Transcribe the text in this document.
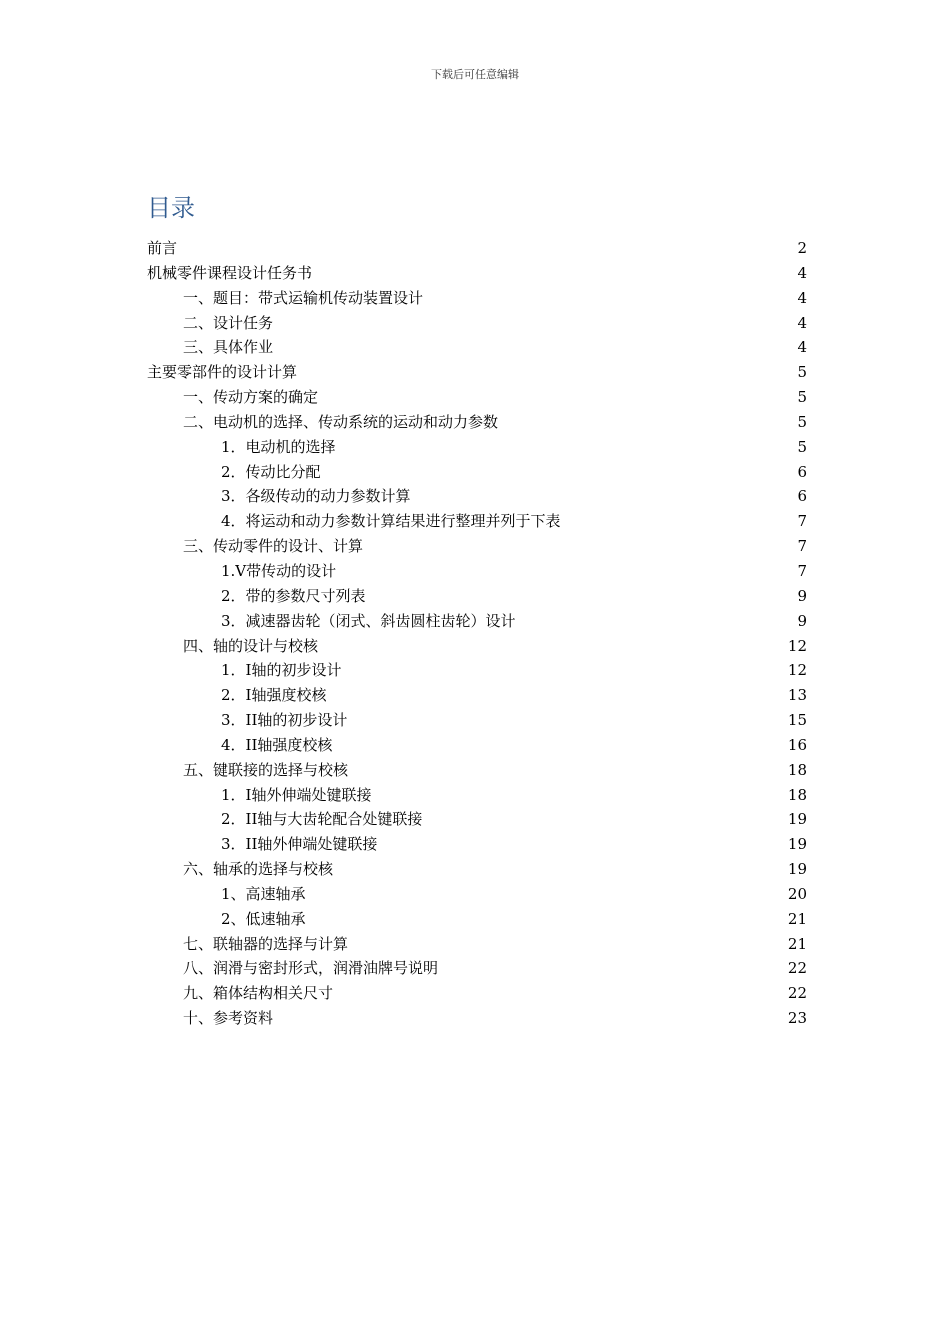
下载后可任意编辑
目录
前言 .....	2
机械零件课程设计任务书 .....	4
一、题目：带式运输机传动装置设计 .....	4
二、设计任务 .....	4
三、具体作业 .....	4
主要零部件的设计计算 .....	5
一、传动方案的确定 .....	5
二、电动机的选择、传动系统的运动和动力参数 .....	5
1．电动机的选择 .....	5
2．传动比分配 .....	6
3．各级传动的动力参数计算 .....	6
4．将运动和动力参数计算结果进行整理并列于下表 .....	7
三、传动零件的设计、计算 .....	7
1.V带传动的设计 .....	7
2．带的参数尺寸列表 .....	9
3．减速器齿轮（闭式、斜齿圆柱齿轮）设计 .....	9
四、轴的设计与校核 .....	12
1．I轴的初步设计 .....	12
2．I轴强度校核 .....	13
3．II轴的初步设计 .....	15
4．II轴强度校核 .....	16
五、键联接的选择与校核 .....	18
1．I轴外伸端处键联接 .....	18
2．II轴与大齿轮配合处键联接 .....	19
3．II轴外伸端处键联接 .....	19
六、轴承的选择与校核 .....	19
1、高速轴承 .....	20
2、低速轴承 .....	21
七、联轴器的选择与计算 .....	21
八、润滑与密封形式，润滑油牌号说明 .....	22
九、箱体结构相关尺寸 .....	22
十、参考资料 .....	23
